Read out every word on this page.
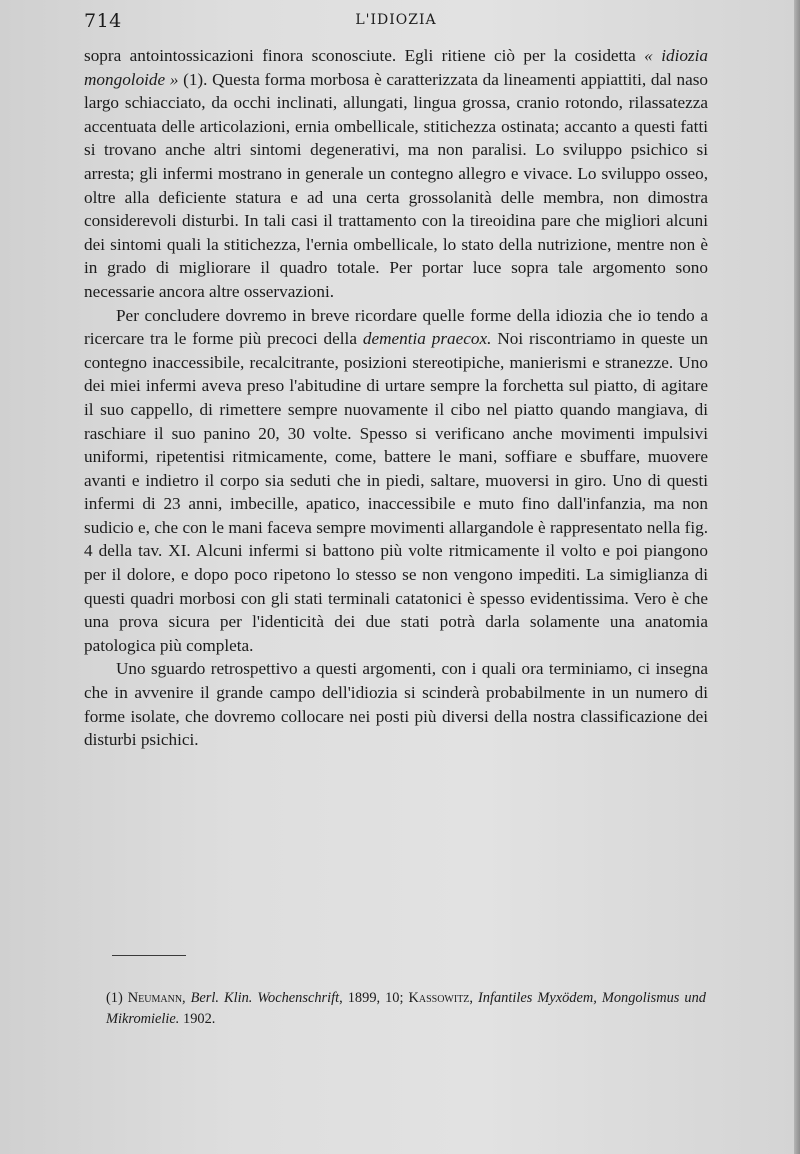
714	L'IDIOZIA

sopra antointossicazioni finora sconosciute. Egli ritiene ciò per la cosidetta « idiozia mongoloide » (1). Questa forma morbosa è caratterizzata da lineamenti appiattiti, dal naso largo schiacciato, da occhi inclinati, allungati, lingua grossa, cranio rotondo, rilassatezza accentuata delle articolazioni, ernia ombellicale, stitichezza ostinata; accanto a questi fatti si trovano anche altri sintomi degenerativi, ma non paralisi. Lo sviluppo psichico si arresta; gli infermi mostrano in generale un contegno allegro e vivace. Lo sviluppo osseo, oltre alla deficiente statura e ad una certa grossolanità delle membra, non dimostra considerevoli disturbi. In tali casi il trattamento con la tireoidina pare che migliori alcuni dei sintomi quali la stitichezza, l'ernia ombellicale, lo stato della nutrizione, mentre non è in grado di migliorare il quadro totale. Per portar luce sopra tale argomento sono necessarie ancora altre osservazioni.

Per concludere dovremo in breve ricordare quelle forme della idiozia che io tendo a ricercare tra le forme più precoci della dementia praecox. Noi riscontriamo in queste un contegno inaccessibile, recalcitrante, posizioni stereotipiche, manierismi e stranezze. Uno dei miei infermi aveva preso l'abitudine di urtare sempre la forchetta sul piatto, di agitare il suo cappello, di rimettere sempre nuovamente il cibo nel piatto quando mangiava, di raschiare il suo panino 20, 30 volte. Spesso si verificano anche movimenti impulsivi uniformi, ripetentisi ritmicamente, come, battere le mani, soffiare e sbuffare, muovere avanti e indietro il corpo sia seduti che in piedi, saltare, muoversi in giro. Uno di questi infermi di 23 anni, imbecille, apatico, inaccessibile e muto fino dall'infanzia, ma non sudicio e, che con le mani faceva sempre movimenti allargandole è rappresentato nella fig. 4 della tav. XI. Alcuni infermi si battono più volte ritmicamente il volto e poi piangono per il dolore, e dopo poco ripetono lo stesso se non vengono impediti. La simiglianza di questi quadri morbosi con gli stati terminali catatonici è spesso evidentissima. Vero è che una prova sicura per l'identicità dei due stati potrà darla solamente una anatomia patologica più completa.

Uno sguardo retrospettivo a questi argomenti, con i quali ora terminiamo, ci insegna che in avvenire il grande campo dell'idiozia si scinderà probabilmente in un numero di forme isolate, che dovremo collocare nei posti più diversi della nostra classificazione dei disturbi psichici.

(1) Neumann, Berl. Klin. Wochenschrift, 1899, 10; Kassowitz, Infantiles Myxödem, Mongolismus und Mikromielie. 1902.
